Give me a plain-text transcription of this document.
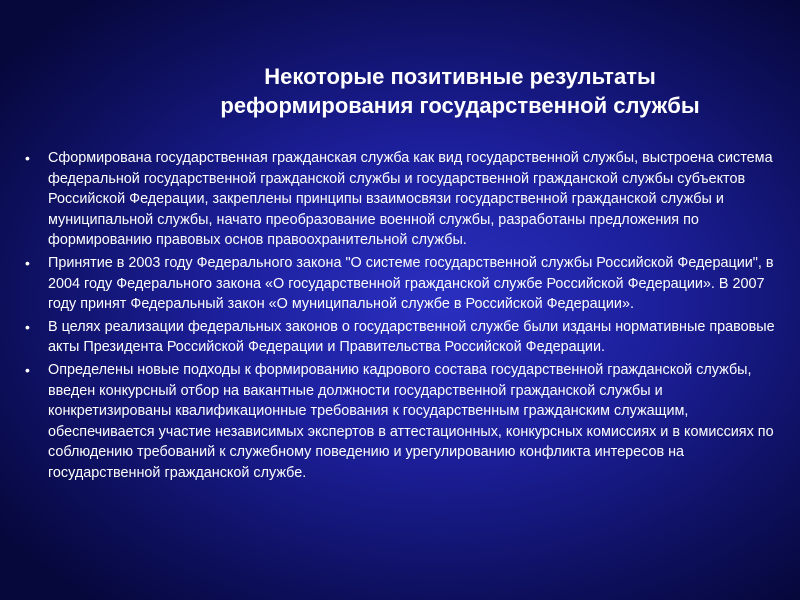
Некоторые позитивные результаты
реформирования государственной службы
• Сформирована государственная гражданская служба как вид государственной службы, выстроена система федеральной государственной гражданской службы и государственной гражданской службы субъектов Российской Федерации, закреплены принципы взаимосвязи государственной гражданской службы и муниципальной службы, начато преобразование военной службы, разработаны предложения по формированию правовых основ правоохранительной службы.
• Принятие в 2003 году Федерального закона "О системе государственной службы Российской Федерации", в 2004 году Федерального закона «О государственной гражданской службе Российской Федерации». В 2007 году принят Федеральный закон «О муниципальной службе в Российской Федерации».
• В целях реализации федеральных законов о государственной службе были изданы нормативные правовые акты Президента Российской Федерации и Правительства Российской Федерации.
• Определены новые подходы к формированию кадрового состава государственной гражданской службы, введен конкурсный отбор на вакантные должности государственной гражданской службы и конкретизированы квалификационные требования к государственным гражданским служащим, обеспечивается участие независимых экспертов в аттестационных, конкурсных комиссиях и в комиссиях по соблюдению требований к служебному поведению и урегулированию конфликта интересов на государственной гражданской службе.
